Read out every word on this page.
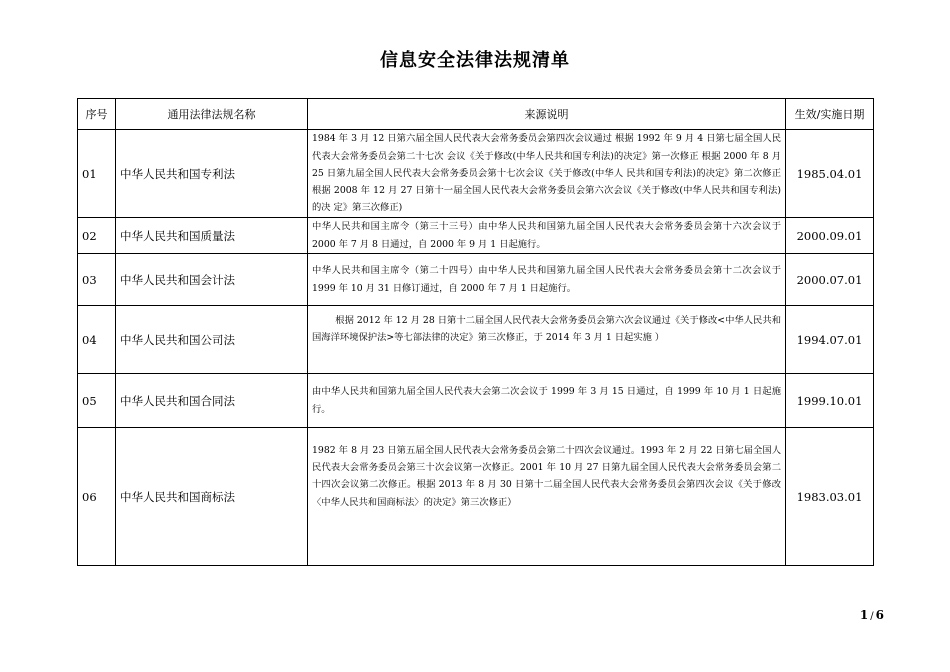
信息安全法律法规清单
序号	通用法律法规名称	来源说明	生效/实施日期
01	中华人民共和国专利法	1984 年 3 月 12 日第六届全国人民代表大会常务委员会第四次会议通过 根据 1992 年 9 月 4 日第七届全国人民代表大会常务委员会第二十七次 会议《关于修改(中华人民共和国专利法)的决定》第一次修正 根据 2000 年 8 月 25 日第九届全国人民代表大会常务委员会第十七次会议《关于修改(中华人 民共和国专利法)的决定》第二次修正 根据 2008 年 12 月 27 日第十一届全国人民代表大会常务委员会第六次会议《关于修改(中华人民共和国专利法)的决 定》第三次修正)	1985.04.01
02	中华人民共和国质量法	中华人民共和国主席令（第三十三号）由中华人民共和国第九届全国人民代表大会常务委员会第十六次会议于 2000 年 7 月 8 日通过，自 2000 年 9 月 1 日起施行。	2000.09.01
03	中华人民共和国会计法	中华人民共和国主席令（第二十四号）由中华人民共和国第九届全国人民代表大会常务委员会第十二次会议于 1999 年 10 月 31 日修订通过，自 2000 年 7 月 1 日起施行。	2000.07.01
04	中华人民共和国公司法	根据 2012 年 12 月 28 日第十二届全国人民代表大会常务委员会第六次会议通过《关于修改<中华人民共和国海洋环境保护法>等七部法律的决定》第三次修正，于 2014 年 3 月 1 日起实施 ）	1994.07.01
05	中华人民共和国合同法	由中华人民共和国第九届全国人民代表大会第二次会议于 1999 年 3 月 15 日通过，自 1999 年 10 月 1 日起施行。	1999.10.01
06	中华人民共和国商标法	1982 年 8 月 23 日第五届全国人民代表大会常务委员会第二十四次会议通过。1993 年 2 月 22 日第七届全国人民代表大会常务委员会第三十次会议第一次修正。2001 年 10 月 27 日第九届全国人民代表大会常务委员会第二十四次会议第二次修正。根据 2013 年 8 月 30 日第十二届全国人民代表大会常务委员会第四次会议《关于修改〈中华人民共和国商标法〉的决定》第三次修正）	1983.03.01
1 / 6
